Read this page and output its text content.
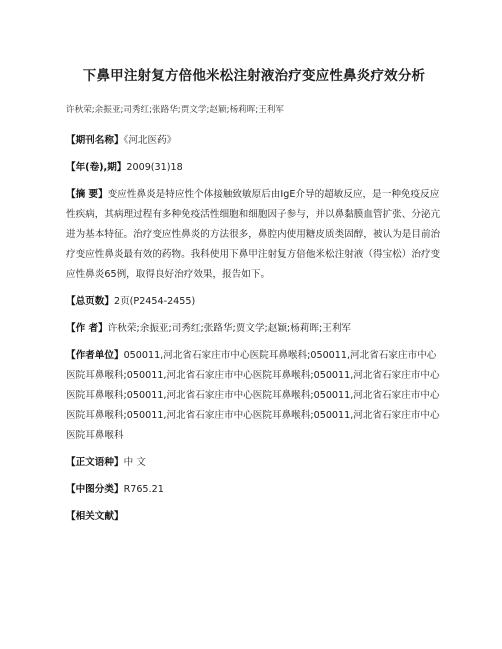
下鼻甲注射复方倍他米松注射液治疗变应性鼻炎疗效分析
许秋荣;余振亚;司秀红;张路华;贾文学;赵颖;杨莉晖;王利军
【期刊名称】《河北医药》
【年(卷),期】2009(31)18
【摘 要】变应性鼻炎是特应性个体接触致敏原后由IgE介导的超敏反应，是一种免疫反应性疾病，其病理过程有多种免疫活性细胞和细胞因子参与，并以鼻黏膜血管扩张、分泌亢进为基本特征。治疗变应性鼻炎的方法很多，鼻腔内使用糖皮质类固醇，被认为是目前治疗变应性鼻炎最有效的药物。我科使用下鼻甲注射复方倍他米松注射液（得宝松）治疗变应性鼻炎65例，取得良好治疗效果，报告如下。
【总页数】2页(P2454-2455)
【作 者】许秋荣;余振亚;司秀红;张路华;贾文学;赵颖;杨莉晖;王利军
【作者单位】050011,河北省石家庄市中心医院耳鼻喉科;050011,河北省石家庄市中心医院耳鼻喉科;050011,河北省石家庄市中心医院耳鼻喉科;050011,河北省石家庄市中心医院耳鼻喉科;050011,河北省石家庄市中心医院耳鼻喉科;050011,河北省石家庄市中心医院耳鼻喉科;050011,河北省石家庄市中心医院耳鼻喉科;050011,河北省石家庄市中心医院耳鼻喉科
【正文语种】中 文
【中图分类】R765.21
【相关文献】
